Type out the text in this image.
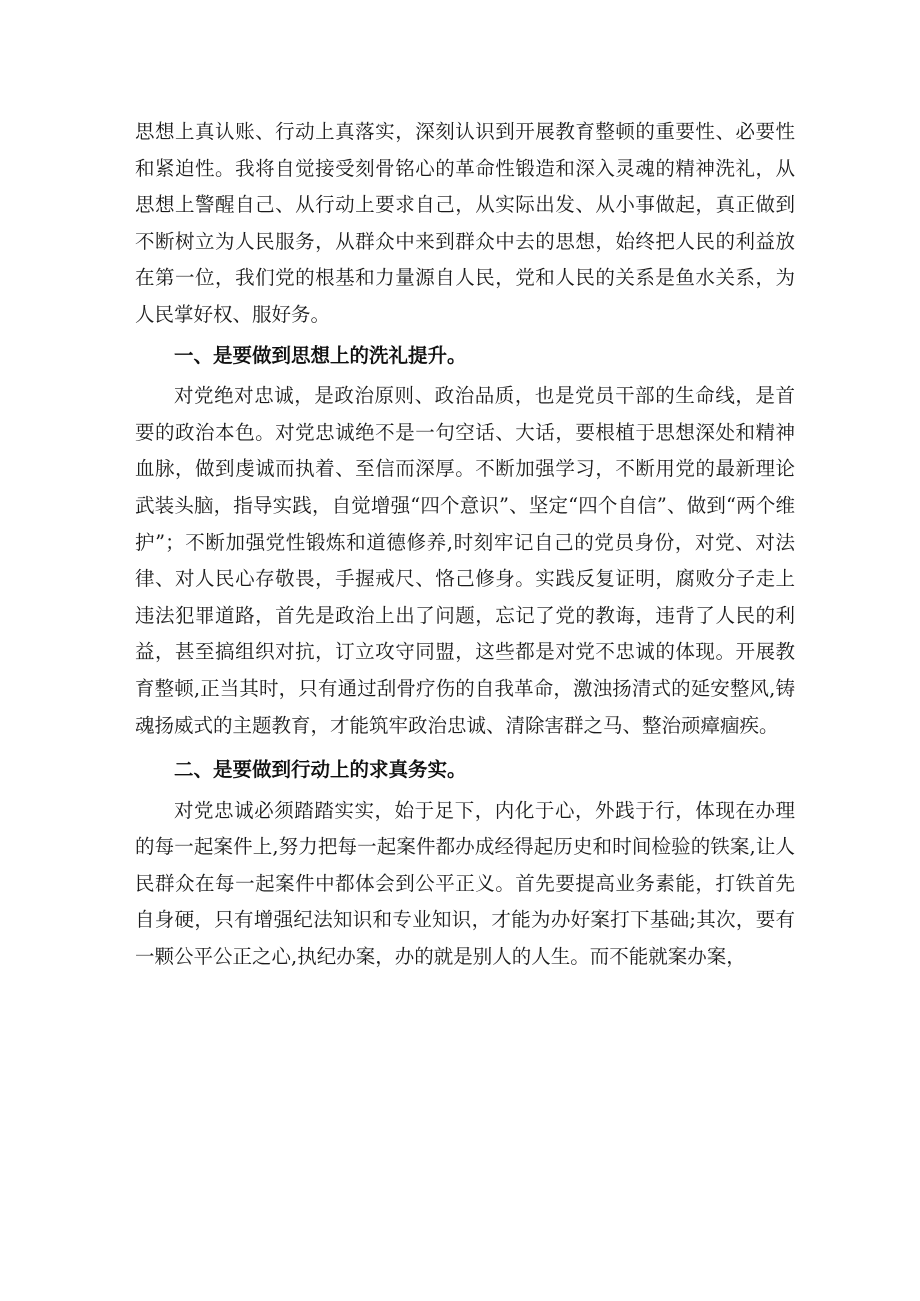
思想上真认账、行动上真落实，深刻认识到开展教育整顿的重要性、必要性和紧迫性。我将自觉接受刻骨铭心的革命性锻造和深入灵魂的精神洗礼，从思想上警醒自己、从行动上要求自己，从实际出发、从小事做起，真正做到不断树立为人民服务，从群众中来到群众中去的思想，始终把人民的利益放在第一位，我们党的根基和力量源自人民，党和人民的关系是鱼水关系，为人民掌好权、服好务。

一、是要做到思想上的洗礼提升。

对党绝对忠诚，是政治原则、政治品质，也是党员干部的生命线，是首要的政治本色。对党忠诚绝不是一句空话、大话，要根植于思想深处和精神血脉，做到虔诚而执着、至信而深厚。不断加强学习，不断用党的最新理论武装头脑，指导实践，自觉增强“四个意识”、坚定“四个自信”、做到“两个维护”；不断加强党性锻炼和道德修养,时刻牢记自己的党员身份，对党、对法律、对人民心存敬畏，手握戒尺、恪己修身。实践反复证明，腐败分子走上违法犯罪道路，首先是政治上出了问题，忘记了党的教诲，违背了人民的利益，甚至搞组织对抗，订立攻守同盟，这些都是对党不忠诚的体现。开展教育整顿,正当其时，只有通过刮骨疗伤的自我革命，激浊扬清式的延安整风,铸魂扬威式的主题教育，才能筑牢政治忠诚、清除害群之马、整治顽瘴痼疾。

二、是要做到行动上的求真务实。

对党忠诚必须踏踏实实，始于足下，内化于心，外践于行，体现在办理的每一起案件上,努力把每一起案件都办成经得起历史和时间检验的铁案,让人民群众在每一起案件中都体会到公平正义。首先要提高业务素能，打铁首先自身硬，只有增强纪法知识和专业知识，才能为办好案打下基础;其次，要有一颗公平公正之心,执纪办案，办的就是别人的人生。而不能就案办案，
